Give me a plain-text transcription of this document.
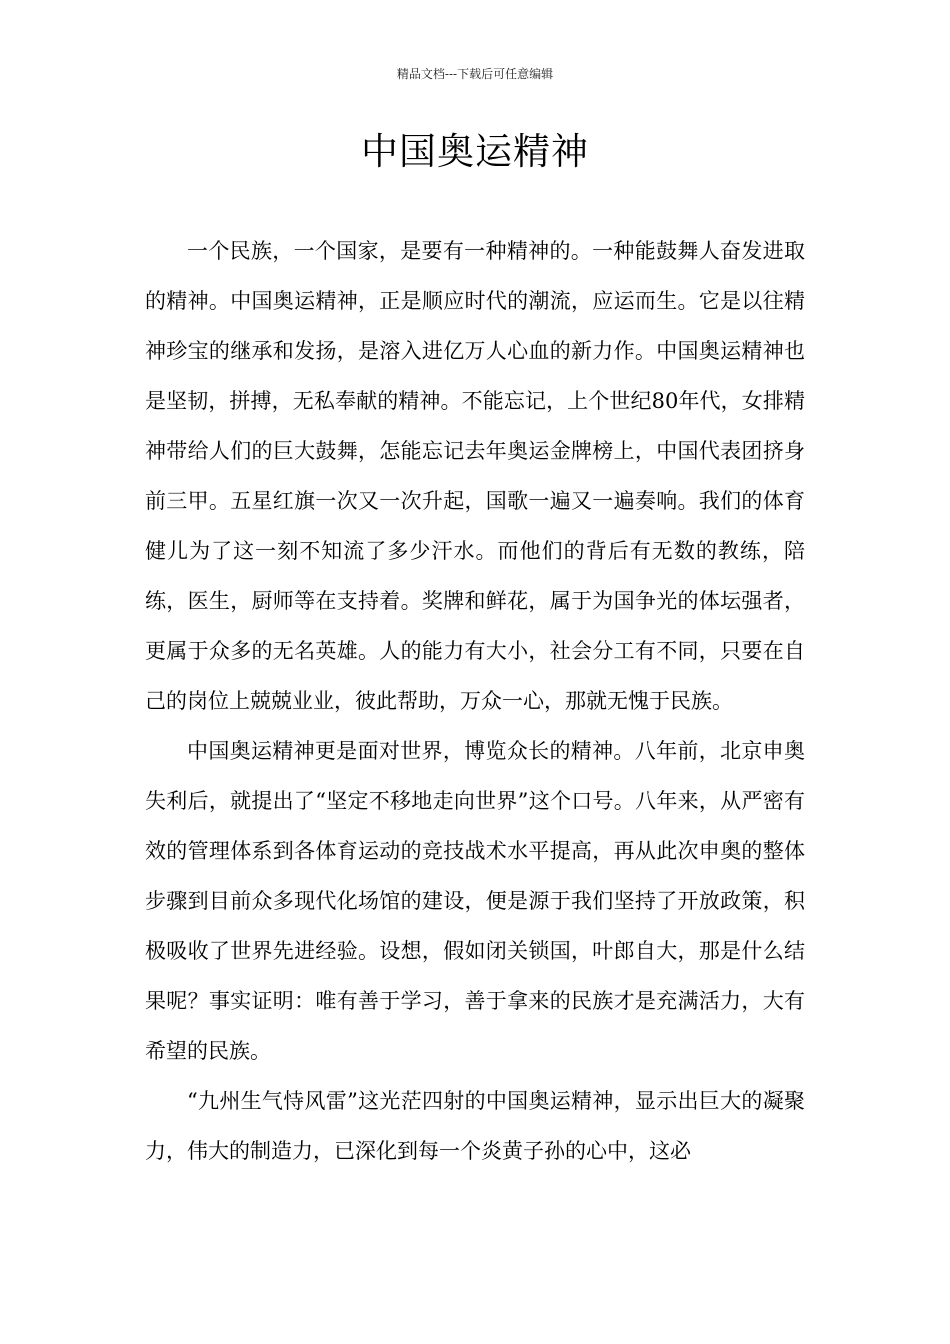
精品文档---下载后可任意编辑
中国奥运精神

一个民族，一个国家，是要有一种精神的。一种能鼓舞人奋发进取的精神。中国奥运精神，正是顺应时代的潮流，应运而生。它是以往精神珍宝的继承和发扬，是溶入进亿万人心血的新力作。中国奥运精神也是坚韧，拼搏，无私奉献的精神。不能忘记，上个世纪80年代，女排精神带给人们的巨大鼓舞，怎能忘记去年奥运金牌榜上，中国代表团挤身前三甲。五星红旗一次又一次升起，国歌一遍又一遍奏响。我们的体育健儿为了这一刻不知流了多少汗水。而他们的背后有无数的教练，陪练，医生，厨师等在支持着。奖牌和鲜花，属于为国争光的体坛强者，更属于众多的无名英雄。人的能力有大小，社会分工有不同，只要在自己的岗位上兢兢业业，彼此帮助，万众一心，那就无愧于民族。

中国奥运精神更是面对世界，博览众长的精神。八年前，北京申奥失利后，就提出了“坚定不移地走向世界”这个口号。八年来，从严密有效的管理体系到各体育运动的竞技战术水平提高，再从此次申奥的整体步骤到目前众多现代化场馆的建设，便是源于我们坚持了开放政策，积极吸收了世界先进经验。设想，假如闭关锁国，叶郎自大，那是什么结果呢？事实证明：唯有善于学习，善于拿来的民族才是充满活力，大有希望的民族。

“九州生气恃风雷”这光茫四射的中国奥运精神，显示出巨大的凝聚力，伟大的制造力，已深化到每一个炎黄子孙的心中，这必
